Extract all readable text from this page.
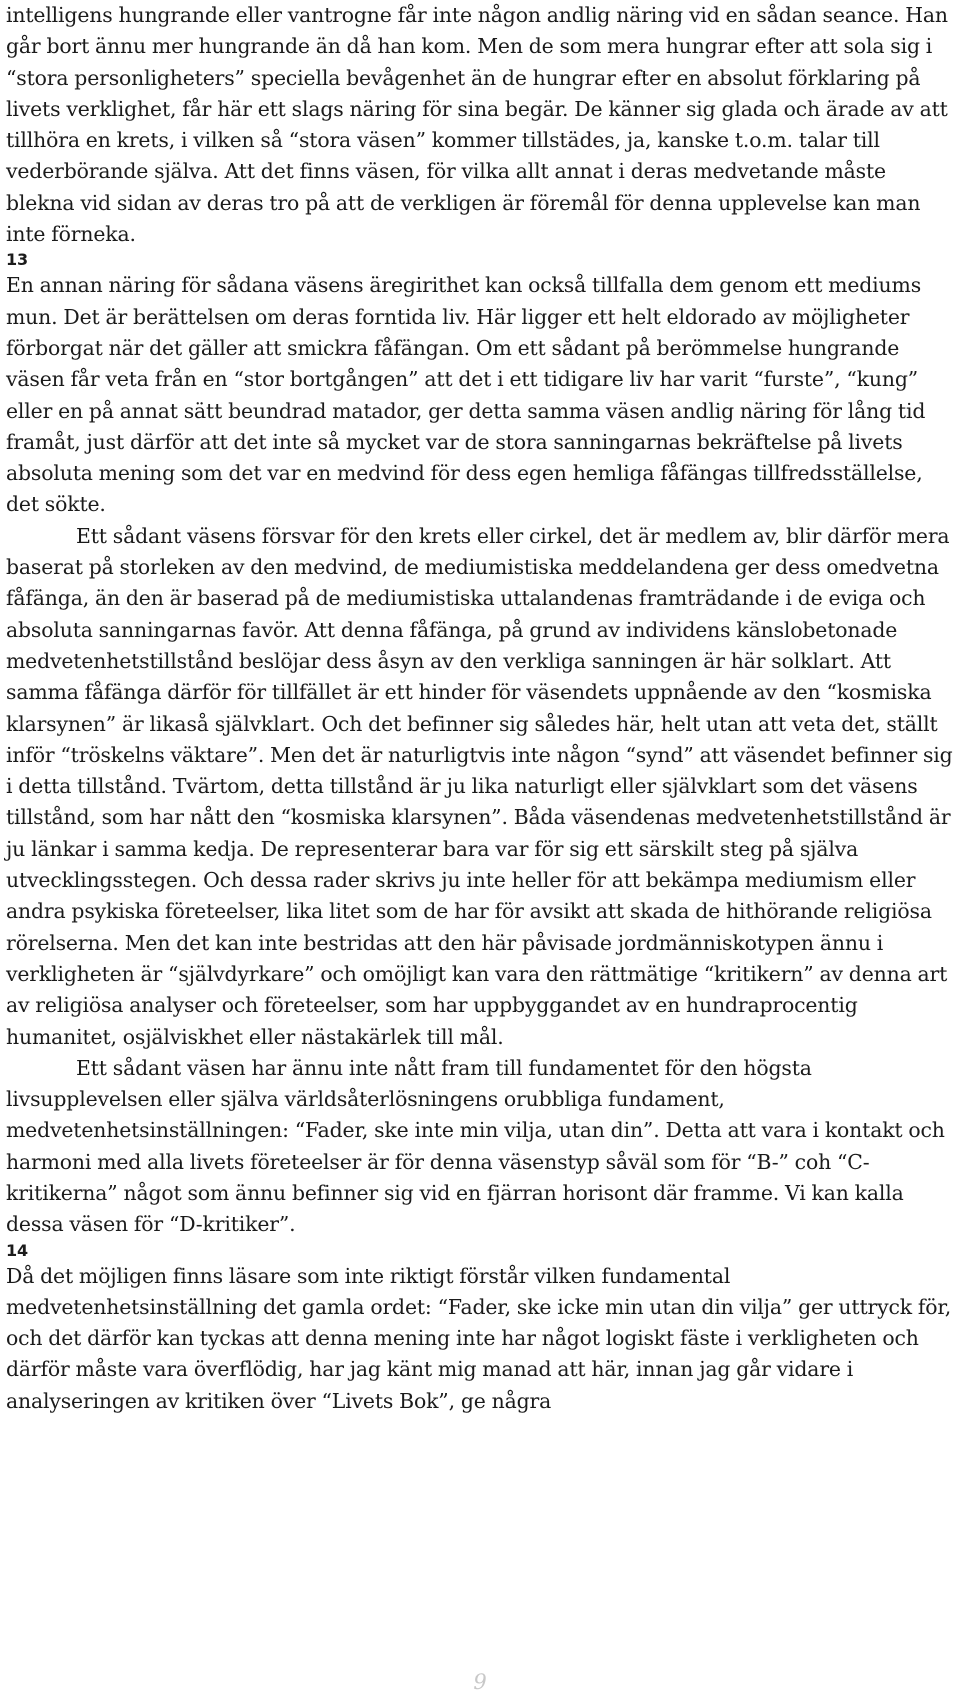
intelligens hungrande eller vantrogne får inte någon andlig näring vid en sådan seance. Han går bort ännu mer hungrande än då han kom. Men de som mera hungrar efter att sola sig i “stora personligheters” speciella bevågenhet än de hungrar efter en absolut förklaring på livets verklighet, får här ett slags näring för sina begär. De känner sig glada och ärade av att tillhöra en krets, i vilken så “stora väsen” kommer tillstädes, ja, kanske t.o.m. talar till vederbörande själva. Att det finns väsen, för vilka allt annat i deras medvetande måste blekna vid sidan av deras tro på att de verkligen är föremål för denna upplevelse kan man inte förneka.

13

En annan näring för sådana väsens äregirithet kan också tillfalla dem genom ett mediums mun. Det är berättelsen om deras forntida liv. Här ligger ett helt eldorado av möjligheter förborgat när det gäller att smickra fåfängan. Om ett sådant på berömmelse hungrande väsen får veta från en “stor bortgången” att det i ett tidigare liv har varit “furste”, “kung” eller en på annat sätt beundrad matador, ger detta samma väsen andlig näring för lång tid framåt, just därför att det inte så mycket var de stora sanningarnas bekräftelse på livets absoluta mening som det var en medvind för dess egen hemliga fåfängas tillfredsställelse, det sökte.

Ett sådant väsens försvar för den krets eller cirkel, det är medlem av, blir därför mera baserat på storleken av den medvind, de mediumistiska meddelandena ger dess omedvetna fåfänga, än den är baserad på de mediumistiska uttalandenas framträdande i de eviga och absoluta sanningarnas favör. Att denna fåfänga, på grund av individens känslobetonade medvetenhetstillstånd beslöjar dess åsyn av den verkliga sanningen är här solklart. Att samma fåfänga därför för tillfället är ett hinder för väsendets uppnående av den “kosmiska klarsynen” är likaså självklart. Och det befinner sig således här, helt utan att veta det, ställt inför “tröskelns väktare”. Men det är naturligtvis inte någon “synd” att väsendet befinner sig i detta tillstånd. Tvärtom, detta tillstånd är ju lika naturligt eller självklart som det väsens tillstånd, som har nått den “kosmiska klarsynen”. Båda väsendenas medvetenhetstillstånd är ju länkar i samma kedja. De representerar bara var för sig ett särskilt steg på själva utvecklingsstegen. Och dessa rader skrivs ju inte heller för att bekämpa mediumism eller andra psykiska företeelser, lika litet som de har för avsikt att skada de hithörande religiösa rörelserna. Men det kan inte bestridas att den här påvisade jordmänniskotypen ännu i verkligheten är “självdyrkare” och omöjligt kan vara den rättmätige “kritikern” av denna art av religiösa analyser och företeelser, som har uppbyggandet av en hundraprocentig humanitet, osjälviskhet eller nästakärlek till mål.

Ett sådant väsen har ännu inte nått fram till fundamentet för den högsta livsupplevelsen eller själva världsåterlösningens orubbliga fundament, medvetenhetsinställningen: “Fader, ske inte min vilja, utan din”. Detta att vara i kontakt och harmoni med alla livets företeelser är för denna väsenstyp såväl som för “B-” coh “C-kritikerna” något som ännu befinner sig vid en fjärran horisont där framme. Vi kan kalla dessa väsen för “D-kritiker”.

14

Då det möjligen finns läsare som inte riktigt förstår vilken fundamental medvetenhetsinställning det gamla ordet: “Fader, ske icke min utan din vilja” ger uttryck för, och det därför kan tyckas att denna mening inte har något logiskt fäste i verkligheten och därför måste vara överflödig, har jag känt mig manad att här, innan jag går vidare i analyseringen av kritiken över “Livets Bok”, ge några

9
